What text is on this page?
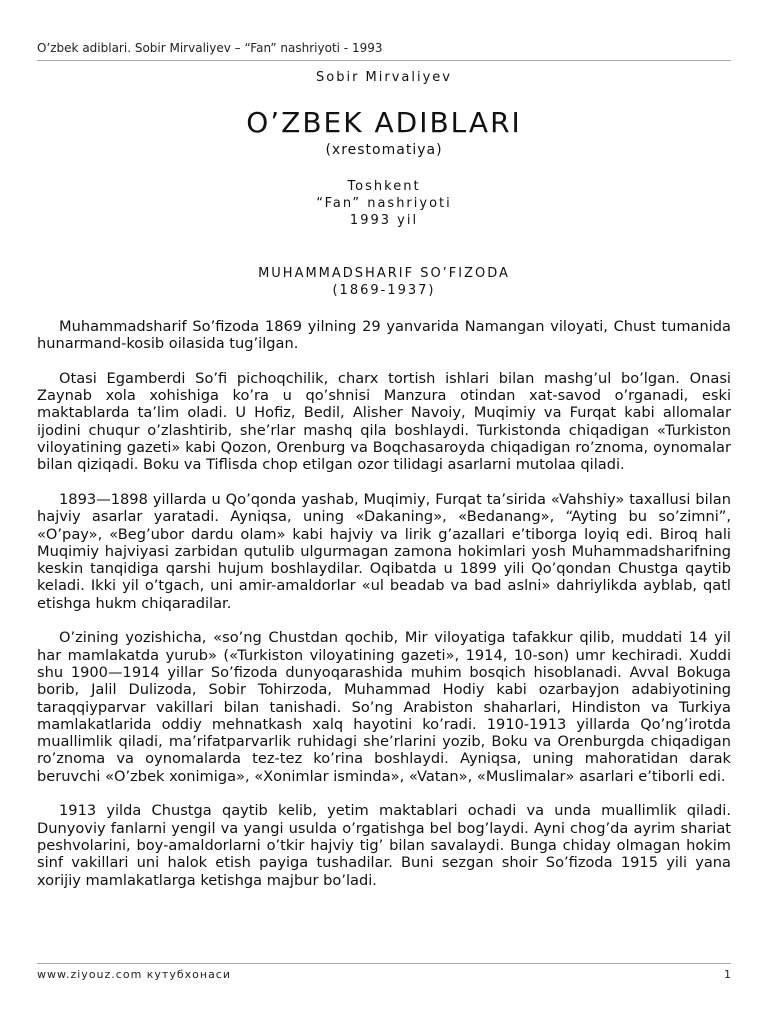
O’zbek adiblari. Sobir Mirvaliyev – “Fan” nashriyoti - 1993
Sobir Mirvaliyev
O’ZBEK ADIBLARI
(xrestomatiya)
Toshkent
“Fan” nashriyoti
1993 yil
MUHAMMADSHARIF SO’FIZODA
(1869-1937)

Muhammadsharif So’fizoda 1869 yilning 29 yanvarida Namangan viloyati, Chust tumanida hunarmand-kosib oilasida tug’ilgan.

Otasi Egamberdi So’fi pichoqchilik, charx tortish ishlari bilan mashg’ul bo’lgan. Onasi Zaynab xola xohishiga ko’ra u qo’shnisi Manzura otindan xat-savod o’rganadi, eski maktablarda ta’lim oladi. U Hofiz, Bedil, Alisher Navoiy, Muqimiy va Furqat kabi allomalar ijodini chuqur o’zlashtirib, she’rlar mashq qila boshlaydi. Turkistonda chiqadigan «Turkiston viloyatining gazeti» kabi Qozon, Orenburg va Boqchasaroyda chiqadigan ro’znoma, oynomalar bilan qiziqadi. Boku va Tiflisda chop etilgan ozor tilidagi asarlarni mutolaa qiladi.

1893—1898 yillarda u Qo’qonda yashab, Muqimiy, Furqat ta’sirida «Vahshiy» taxallusi bilan hajviy asarlar yaratadi. Ayniqsa, uning «Dakaning», «Bedanang», “Ayting bu so’zimni”, «O’pay», «Beg’ubor dardu olam» kabi hajviy va lirik g’azallari e’tiborga loyiq edi. Biroq hali Muqimiy hajviyasi zarbidan qutulib ulgurmagan zamona hokimlari yosh Muhammadsharifning keskin tanqidiga qarshi hujum boshlaydilar. Oqibatda u 1899 yili Qo’qondan Chustga qaytib keladi. Ikki yil o’tgach, uni amir-amaldorlar «ul beadab va bad aslni» dahriylikda ayblab, qatl etishga hukm chiqaradilar.

O’zining yozishicha, «so’ng Chustdan qochib, Mir viloyatiga tafakkur qilib, muddati 14 yil har mamlakatda yurub» («Turkiston viloyatining gazeti», 1914, 10-son) umr kechiradi. Xuddi shu 1900—1914 yillar So’fizoda dunyoqarashida muhim bosqich hisoblanadi. Avval Bokuga borib, Jalil Dulizoda, Sobir Tohirzoda, Muhammad Hodiy kabi ozarbayjon adabiyotining taraqqiyparvar vakillari bilan tanishadi. So’ng Arabiston shaharlari, Hindiston va Turkiya mamlakatlarida oddiy mehnatkash xalq hayotini ko’radi. 1910-1913 yillarda Qo’ng’irotda muallimlik qiladi, ma’rifatparvarlik ruhidagi she’rlarini yozib, Boku va Orenburgda chiqadigan ro’znoma va oynomalarda tez-tez ko’rina boshlaydi. Ayniqsa, uning mahoratidan darak beruvchi «O’zbek xonimiga», «Xonimlar isminda», «Vatan», «Muslimalar» asarlari e’tiborli edi.

1913 yilda Chustga qaytib kelib, yetim maktablari ochadi va unda muallimlik qiladi. Dunyoviy fanlarni yengil va yangi usulda o’rgatishga bel bog’laydi. Ayni chog’da ayrim shariat peshvolarini, boy-amaldorlarni o’tkir hajviy tig’ bilan savalaydi. Bunga chiday olmagan hokim sinf vakillari uni halok etish payiga tushadilar. Buni sezgan shoir So’fizoda 1915 yili yana xorijiy mamlakatlarga ketishga majbur bo’ladi.

www.ziyouz.com кутубхонаси	1
